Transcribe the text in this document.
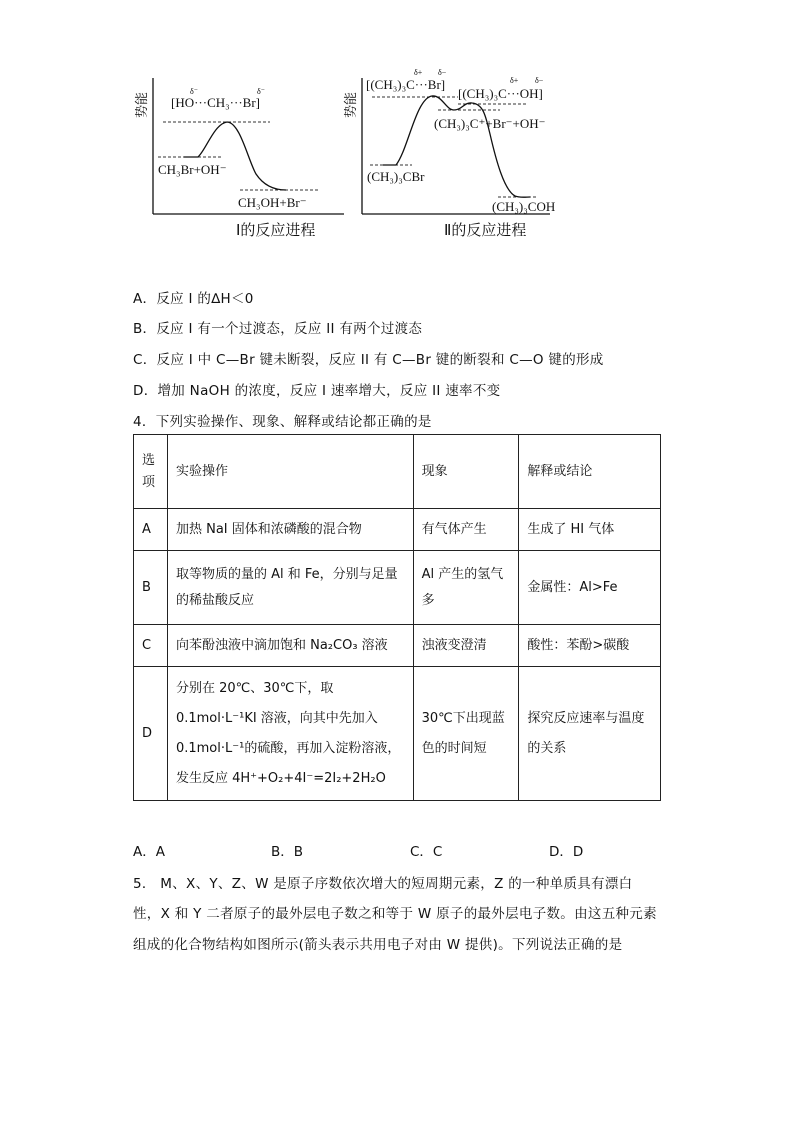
势能
δ⁻	δ⁻
[HO···CH₃···Br]
CH₃Br+OH⁻
CH₃OH+Br⁻
Ⅰ的反应进程
势能
δ+ δ−
[(CH₃)₃C···Br]	δ+ δ−
[(CH₃)₃C···OH]
(CH₃)₃C⁺+Br⁻+OH⁻
(CH₃)₃CBr
(CH₃)₃COH
Ⅱ的反应进程
A．反应 I 的∆H＜0
B．反应 I 有一个过渡态，反应 II 有两个过渡态
C．反应 I 中 C—Br 键未断裂，反应 II 有 C—Br 键的断裂和 C—O 键的形成
D．增加 NaOH 的浓度，反应 I 速率增大，反应 II 速率不变
4．下列实验操作、现象、解释或结论都正确的是
选项	实验操作	现象	解释或结论
A	加热 NaI 固体和浓磷酸的混合物	有气体产生	生成了 HI 气体
B	取等物质的量的 Al 和 Fe，分别与足量的稀盐酸反应	Al 产生的氢气多	金属性：Al>Fe
C	向苯酚浊液中滴加饱和 Na₂CO₃ 溶液	浊液变澄清	酸性：苯酚>碳酸
D	分别在 20℃、30℃下，取 0.1mol·L⁻¹KI 溶液，向其中先加入 0.1mol·L⁻¹的硫酸，再加入淀粉溶液，发生反应 4H⁺+O₂+4I⁻=2I₂+2H₂O	30℃下出现蓝色的时间短	探究反应速率与温度的关系
A．A	B．B	C．C	D．D
5． M、X、Y、Z、W 是原子序数依次增大的短周期元素，Z 的一种单质具有漂白
性，X 和 Y 二者原子的最外层电子数之和等于 W 原子的最外层电子数。由这五种元素
组成的化合物结构如图所示(箭头表示共用电子对由 W 提供)。下列说法正确的是
